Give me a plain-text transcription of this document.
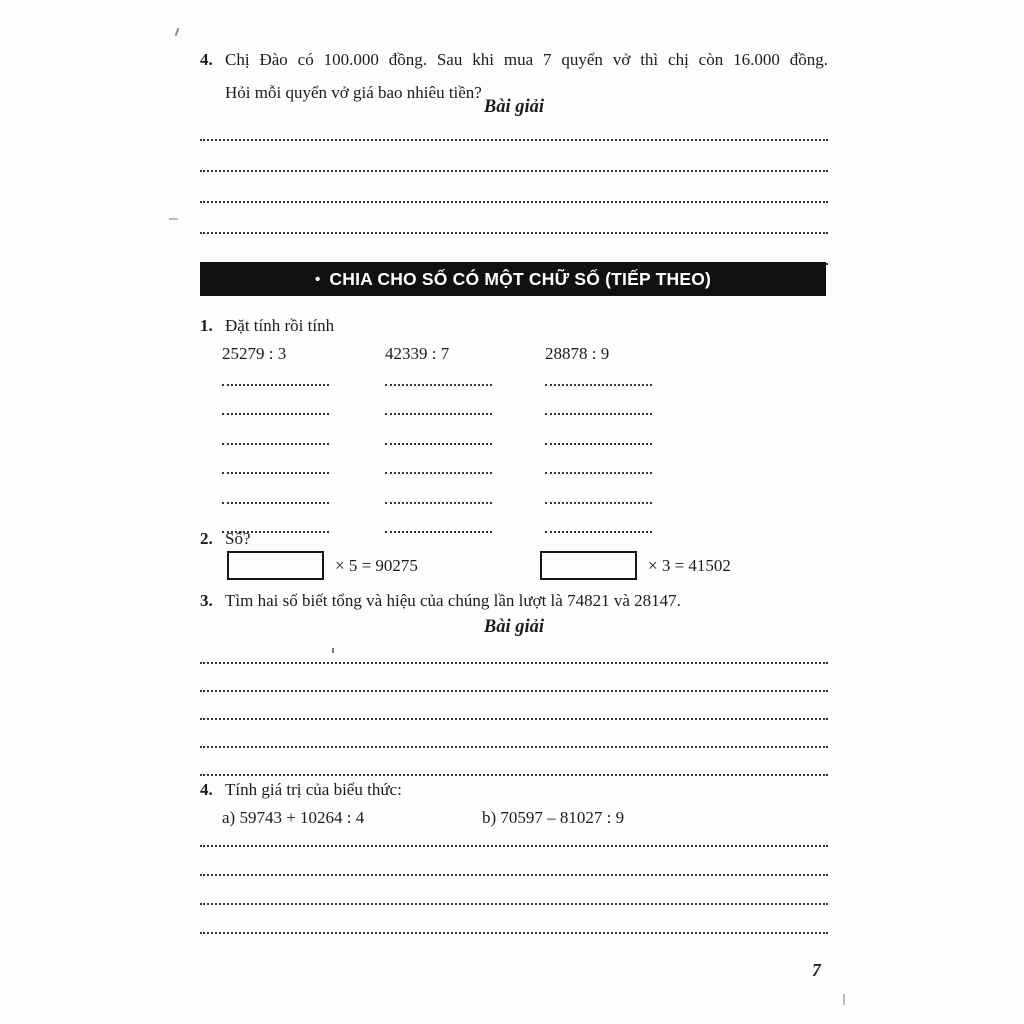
4. Chị Đào có 100.000 đồng. Sau khi mua 7 quyển vở thì chị còn 16.000 đồng.
Hỏi mỗi quyển vở giá bao nhiêu tiền?
Bài giải
• CHIA CHO SỐ CÓ MỘT CHỮ SỐ (TIẾP THEO)
1. Đặt tính rồi tính
25279 : 3	42339 : 7	28878 : 9
2. Số?
× 5 = 90275	× 3 = 41502
3. Tìm hai số biết tổng và hiệu của chúng lần lượt là 74821 và 28147.
Bài giải
4. Tính giá trị của biểu thức:
a) 59743 + 10264 : 4	b) 70597 – 81027 : 9
7
